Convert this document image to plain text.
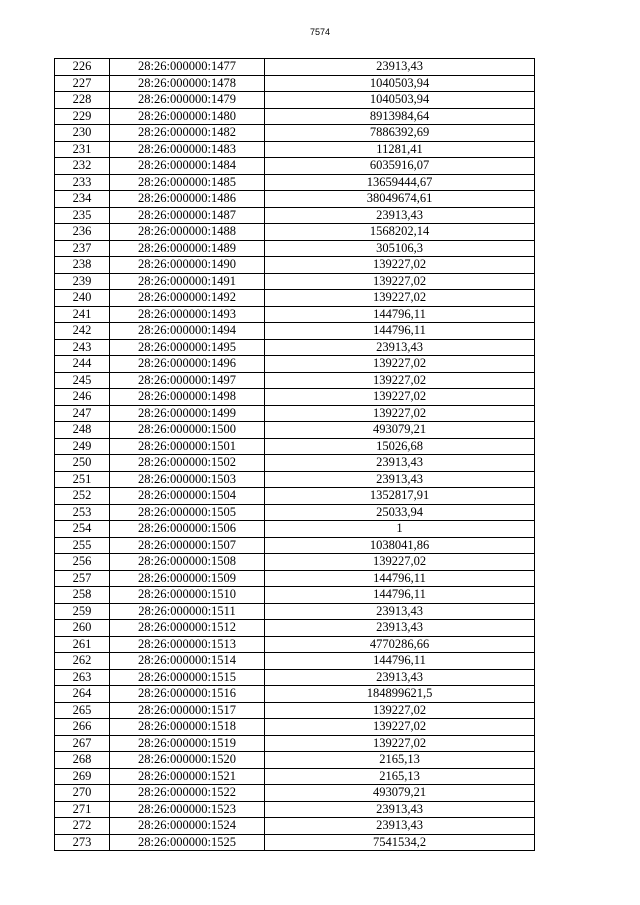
7574
226	28:26:000000:1477	23913,43
227	28:26:000000:1478	1040503,94
228	28:26:000000:1479	1040503,94
229	28:26:000000:1480	8913984,64
230	28:26:000000:1482	7886392,69
231	28:26:000000:1483	11281,41
232	28:26:000000:1484	6035916,07
233	28:26:000000:1485	13659444,67
234	28:26:000000:1486	38049674,61
235	28:26:000000:1487	23913,43
236	28:26:000000:1488	1568202,14
237	28:26:000000:1489	305106,3
238	28:26:000000:1490	139227,02
239	28:26:000000:1491	139227,02
240	28:26:000000:1492	139227,02
241	28:26:000000:1493	144796,11
242	28:26:000000:1494	144796,11
243	28:26:000000:1495	23913,43
244	28:26:000000:1496	139227,02
245	28:26:000000:1497	139227,02
246	28:26:000000:1498	139227,02
247	28:26:000000:1499	139227,02
248	28:26:000000:1500	493079,21
249	28:26:000000:1501	15026,68
250	28:26:000000:1502	23913,43
251	28:26:000000:1503	23913,43
252	28:26:000000:1504	1352817,91
253	28:26:000000:1505	25033,94
254	28:26:000000:1506	1
255	28:26:000000:1507	1038041,86
256	28:26:000000:1508	139227,02
257	28:26:000000:1509	144796,11
258	28:26:000000:1510	144796,11
259	28:26:000000:1511	23913,43
260	28:26:000000:1512	23913,43
261	28:26:000000:1513	4770286,66
262	28:26:000000:1514	144796,11
263	28:26:000000:1515	23913,43
264	28:26:000000:1516	184899621,5
265	28:26:000000:1517	139227,02
266	28:26:000000:1518	139227,02
267	28:26:000000:1519	139227,02
268	28:26:000000:1520	2165,13
269	28:26:000000:1521	2165,13
270	28:26:000000:1522	493079,21
271	28:26:000000:1523	23913,43
272	28:26:000000:1524	23913,43
273	28:26:000000:1525	7541534,2
